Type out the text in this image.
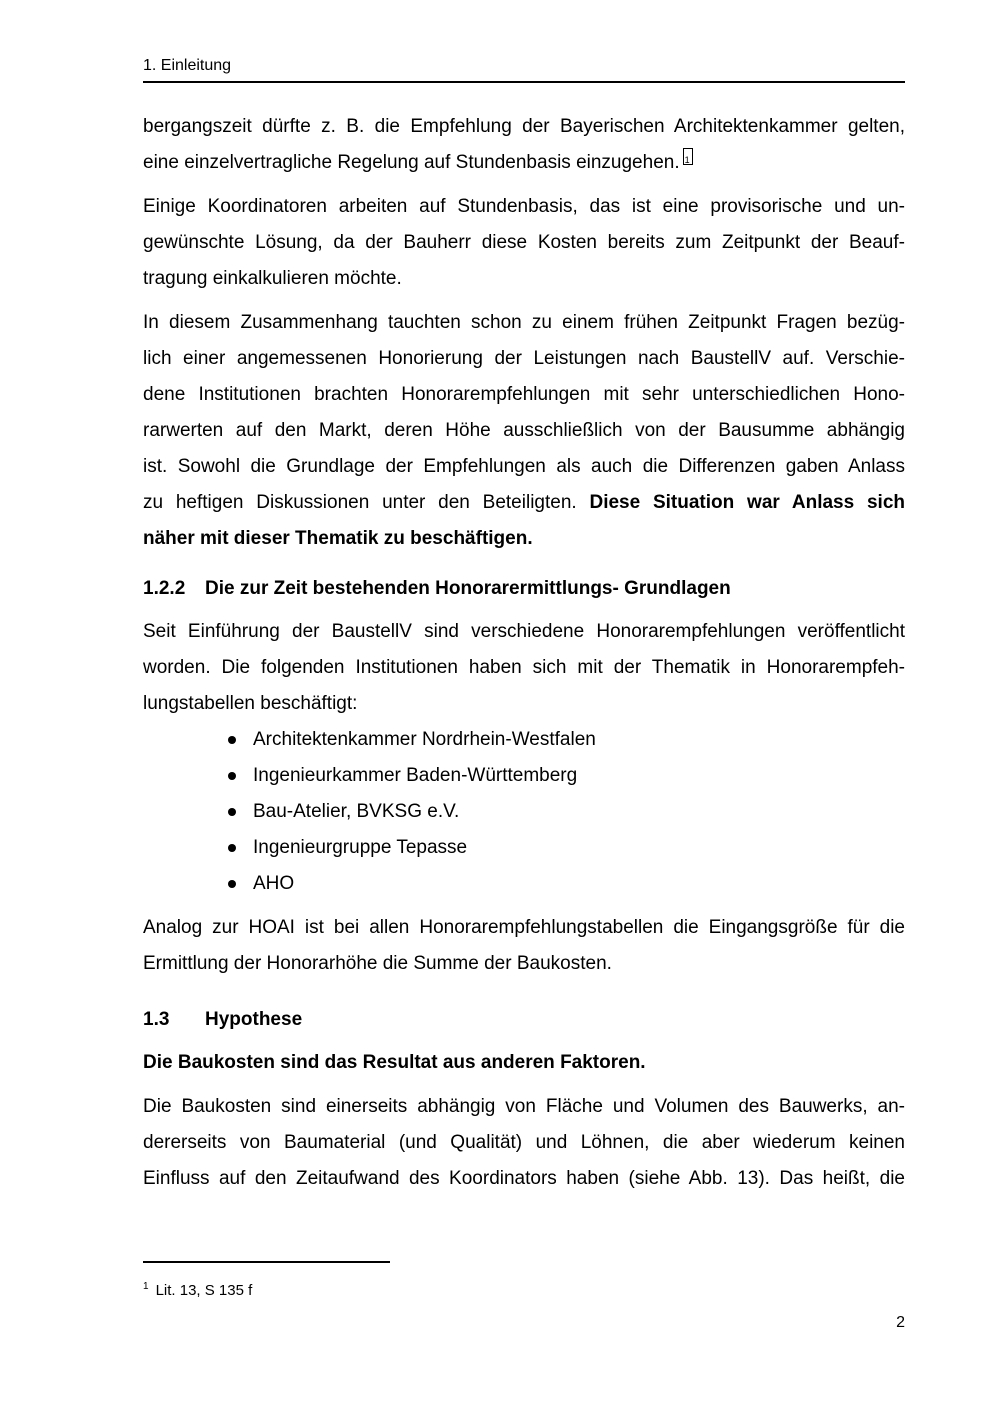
1. Einleitung
bergangszeit dürfte z. B. die Empfehlung der Bayerischen Architektenkammer gelten,
eine einzelvertragliche Regelung auf Stundenbasis einzugehen. 1
Einige Koordinatoren arbeiten auf Stundenbasis, das ist eine provisorische und un-
gewünschte Lösung, da der Bauherr diese Kosten bereits zum Zeitpunkt der Beauf-
tragung einkalkulieren möchte.
In diesem Zusammenhang tauchten schon zu einem frühen Zeitpunkt Fragen bezüg-
lich einer angemessenen Honorierung der Leistungen nach BaustellV auf. Verschie-
dene Institutionen brachten Honorarempfehlungen mit sehr unterschiedlichen Hono-
rarwerten auf den Markt, deren Höhe ausschließlich von der Bausumme abhängig
ist. Sowohl die Grundlage der Empfehlungen als auch die Differenzen gaben Anlass
zu heftigen Diskussionen unter den Beteiligten. Diese Situation war Anlass sich
näher mit dieser Thematik zu beschäftigen.
1.2.2 Die zur Zeit bestehenden Honorarermittlungs- Grundlagen
Seit Einführung der BaustellV sind verschiedene Honorarempfehlungen veröffentlicht
worden. Die folgenden Institutionen haben sich mit der Thematik in Honorarempfeh-
lungstabellen beschäftigt:
Architektenkammer Nordrhein-Westfalen
Ingenieurkammer Baden-Württemberg
Bau-Atelier, BVKSG e.V.
Ingenieurgruppe Tepasse
AHO
Analog zur HOAI ist bei allen Honorarempfehlungstabellen die Eingangsgröße für die
Ermittlung der Honorarhöhe die Summe der Baukosten.
1.3 Hypothese
Die Baukosten sind das Resultat aus anderen Faktoren.
Die Baukosten sind einerseits abhängig von Fläche und Volumen des Bauwerks, an-
dererseits von Baumaterial (und Qualität) und Löhnen, die aber wiederum keinen
Einfluss auf den Zeitaufwand des Koordinators haben (siehe Abb. 13). Das heißt, die
1 Lit. 13, S 135 f
2
